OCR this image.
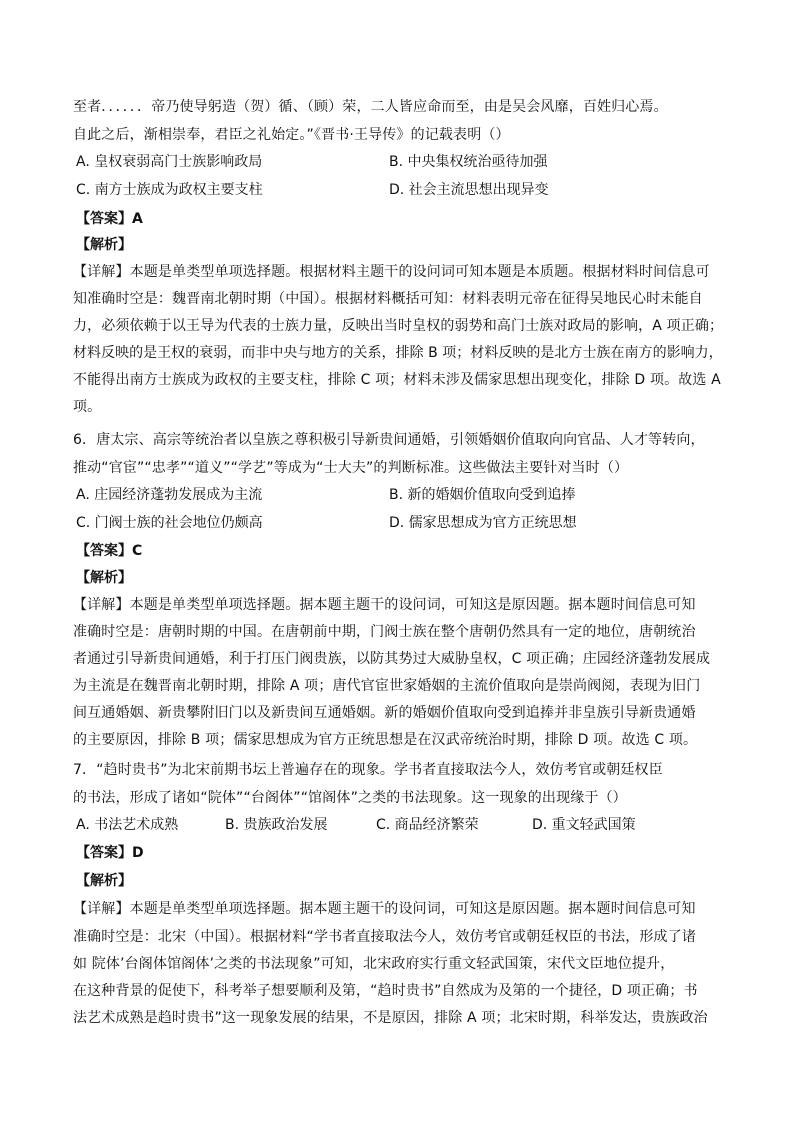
至者．．．．．．帝乃使导躬造（贺）循、（顾）荣，二人皆应命而至，由是吴会风靡，百姓归心焉。
自此之后，渐相崇奉，君臣之礼始定。”《晋书·王导传》的记载表明（）
A. 皇权衰弱高门士族影响政局	B. 中央集权统治亟待加强
C. 南方士族成为政权主要支柱	D. 社会主流思想出现异变
【答案】A
【解析】
【详解】本题是单类型单项选择题。根据材料主题干的设问词可知本题是本质题。根据材料时间信息可
知准确时空是：魏晋南北朝时期（中国）。根据材料概括可知：材料表明元帝在征得吴地民心时未能自
力，必须依赖于以王导为代表的士族力量，反映出当时皇权的弱势和高门士族对政局的影响，A 项正确；
材料反映的是王权的衰弱，而非中央与地方的关系，排除 B 项；材料反映的是北方士族在南方的影响力，
不能得出南方士族成为政权的主要支柱，排除 C 项；材料未涉及儒家思想出现变化，排除 D 项。故选 A
项。
6．唐太宗、高宗等统治者以皇族之尊积极引导新贵间通婚，引领婚姻价值取向向官品、人才等转向，
推动“官宦”“忠孝”“道义”“学艺”等成为“士大夫”的判断标准。这些做法主要针对当时（）
A. 庄园经济蓬勃发展成为主流	B. 新的婚姻价值取向受到追捧
C. 门阀士族的社会地位仍颇高	D. 儒家思想成为官方正统思想
【答案】C
【解析】
【详解】本题是单类型单项选择题。据本题主题干的设问词，可知这是原因题。据本题时间信息可知
准确时空是：唐朝时期的中国。在唐朝前中期，门阀士族在整个唐朝仍然具有一定的地位，唐朝统治
者通过引导新贵间通婚，利于打压门阀贵族，以防其势过大威胁皇权，C 项正确；庄园经济蓬勃发展成
为主流是在魏晋南北朝时期，排除 A 项；唐代官宦世家婚姻的主流价值取向是崇尚阀阅，表现为旧门
间互通婚姻、新贵攀附旧门以及新贵间互通婚姻。新的婚姻价值取向受到追捧并非皇族引导新贵通婚
的主要原因，排除 B 项；儒家思想成为官方正统思想是在汉武帝统治时期，排除 D 项。故选 C 项。
7．“趋时贵书”为北宋前期书坛上普遍存在的现象。学书者直接取法今人，效仿考官或朝廷权臣
的书法，形成了诸如“院体”“台阁体”“馆阁体”之类的书法现象。这一现象的出现缘于（）
A. 书法艺术成熟	B. 贵族政治发展	C. 商品经济繁荣	D. 重文轻武国策
【答案】D
【解析】
【详解】本题是单类型单项选择题。据本题主题干的设问词，可知这是原因题。据本题时间信息可知
准确时空是：北宋（中国）。根据材料“学书者直接取法今人，效仿考官或朝廷权臣的书法，形成了诸
如 院体’台阁体馆阁体’之类的书法现象”可知，北宋政府实行重文轻武国策，宋代文臣地位提升，
在这种背景的促使下，科考举子想要顺利及第，“趋时贵书”自然成为及第的一个捷径，D 项正确；书
法艺术成熟是趋时贵书”这一现象发展的结果，不是原因，排除 A 项；北宋时期，科举发达，贵族政治
